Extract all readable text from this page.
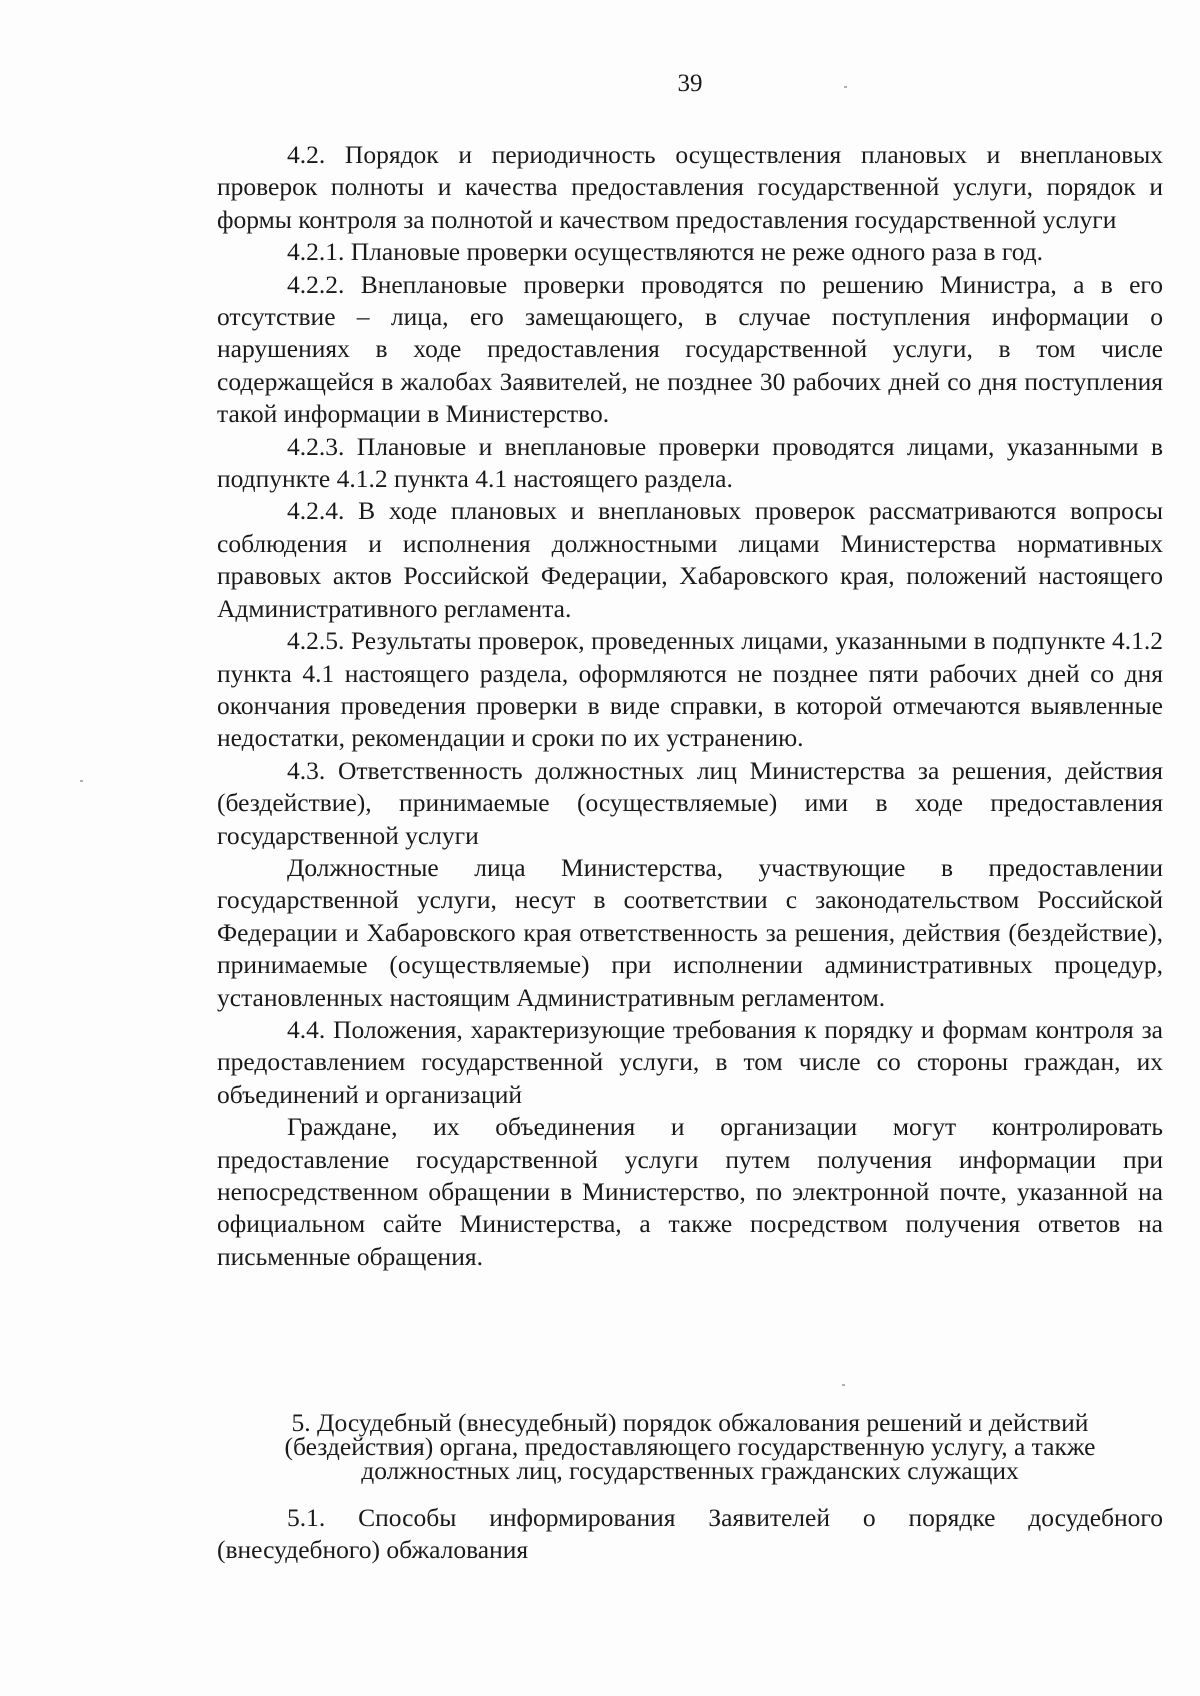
39

4.2. Порядок и периодичность осуществления плановых и внеплановых проверок полноты и качества предоставления государственной услуги, порядок и формы контроля за полнотой и качеством предоставления государственной услуги

4.2.1. Плановые проверки осуществляются не реже одного раза в год.

4.2.2. Внеплановые проверки проводятся по решению Министра, а в его отсутствие – лица, его замещающего, в случае поступления информации о нарушениях в ходе предоставления государственной услуги, в том числе содержащейся в жалобах Заявителей, не позднее 30 рабочих дней со дня поступления такой информации в Министерство.

4.2.3. Плановые и внеплановые проверки проводятся лицами, указанными в подпункте 4.1.2 пункта 4.1 настоящего раздела.

4.2.4. В ходе плановых и внеплановых проверок рассматриваются вопросы соблюдения и исполнения должностными лицами Министерства нормативных правовых актов Российской Федерации, Хабаровского края, положений настоящего Административного регламента.

4.2.5. Результаты проверок, проведенных лицами, указанными в подпункте 4.1.2 пункта 4.1 настоящего раздела, оформляются не позднее пяти рабочих дней со дня окончания проведения проверки в виде справки, в которой отмечаются выявленные недостатки, рекомендации и сроки по их устранению.

4.3. Ответственность должностных лиц Министерства за решения, действия (бездействие), принимаемые (осуществляемые) ими в ходе предоставления государственной услуги

Должностные лица Министерства, участвующие в предоставлении государственной услуги, несут в соответствии с законодательством Российской Федерации и Хабаровского края ответственность за решения, действия (бездействие), принимаемые (осуществляемые) при исполнении административных процедур, установленных настоящим Административным регламентом.

4.4. Положения, характеризующие требования к порядку и формам контроля за предоставлением государственной услуги, в том числе со стороны граждан, их объединений и организаций

Граждане, их объединения и организации могут контролировать предоставление государственной услуги путем получения информации при непосредственном обращении в Министерство, по электронной почте, указанной на официальном сайте Министерства, а также посредством получения ответов на письменные обращения.

5. Досудебный (внесудебный) порядок обжалования решений и действий (бездействия) органа, предоставляющего государственную услугу, а также должностных лиц, государственных гражданских служащих

5.1. Способы информирования Заявителей о порядке досудебного (внесудебного) обжалования
